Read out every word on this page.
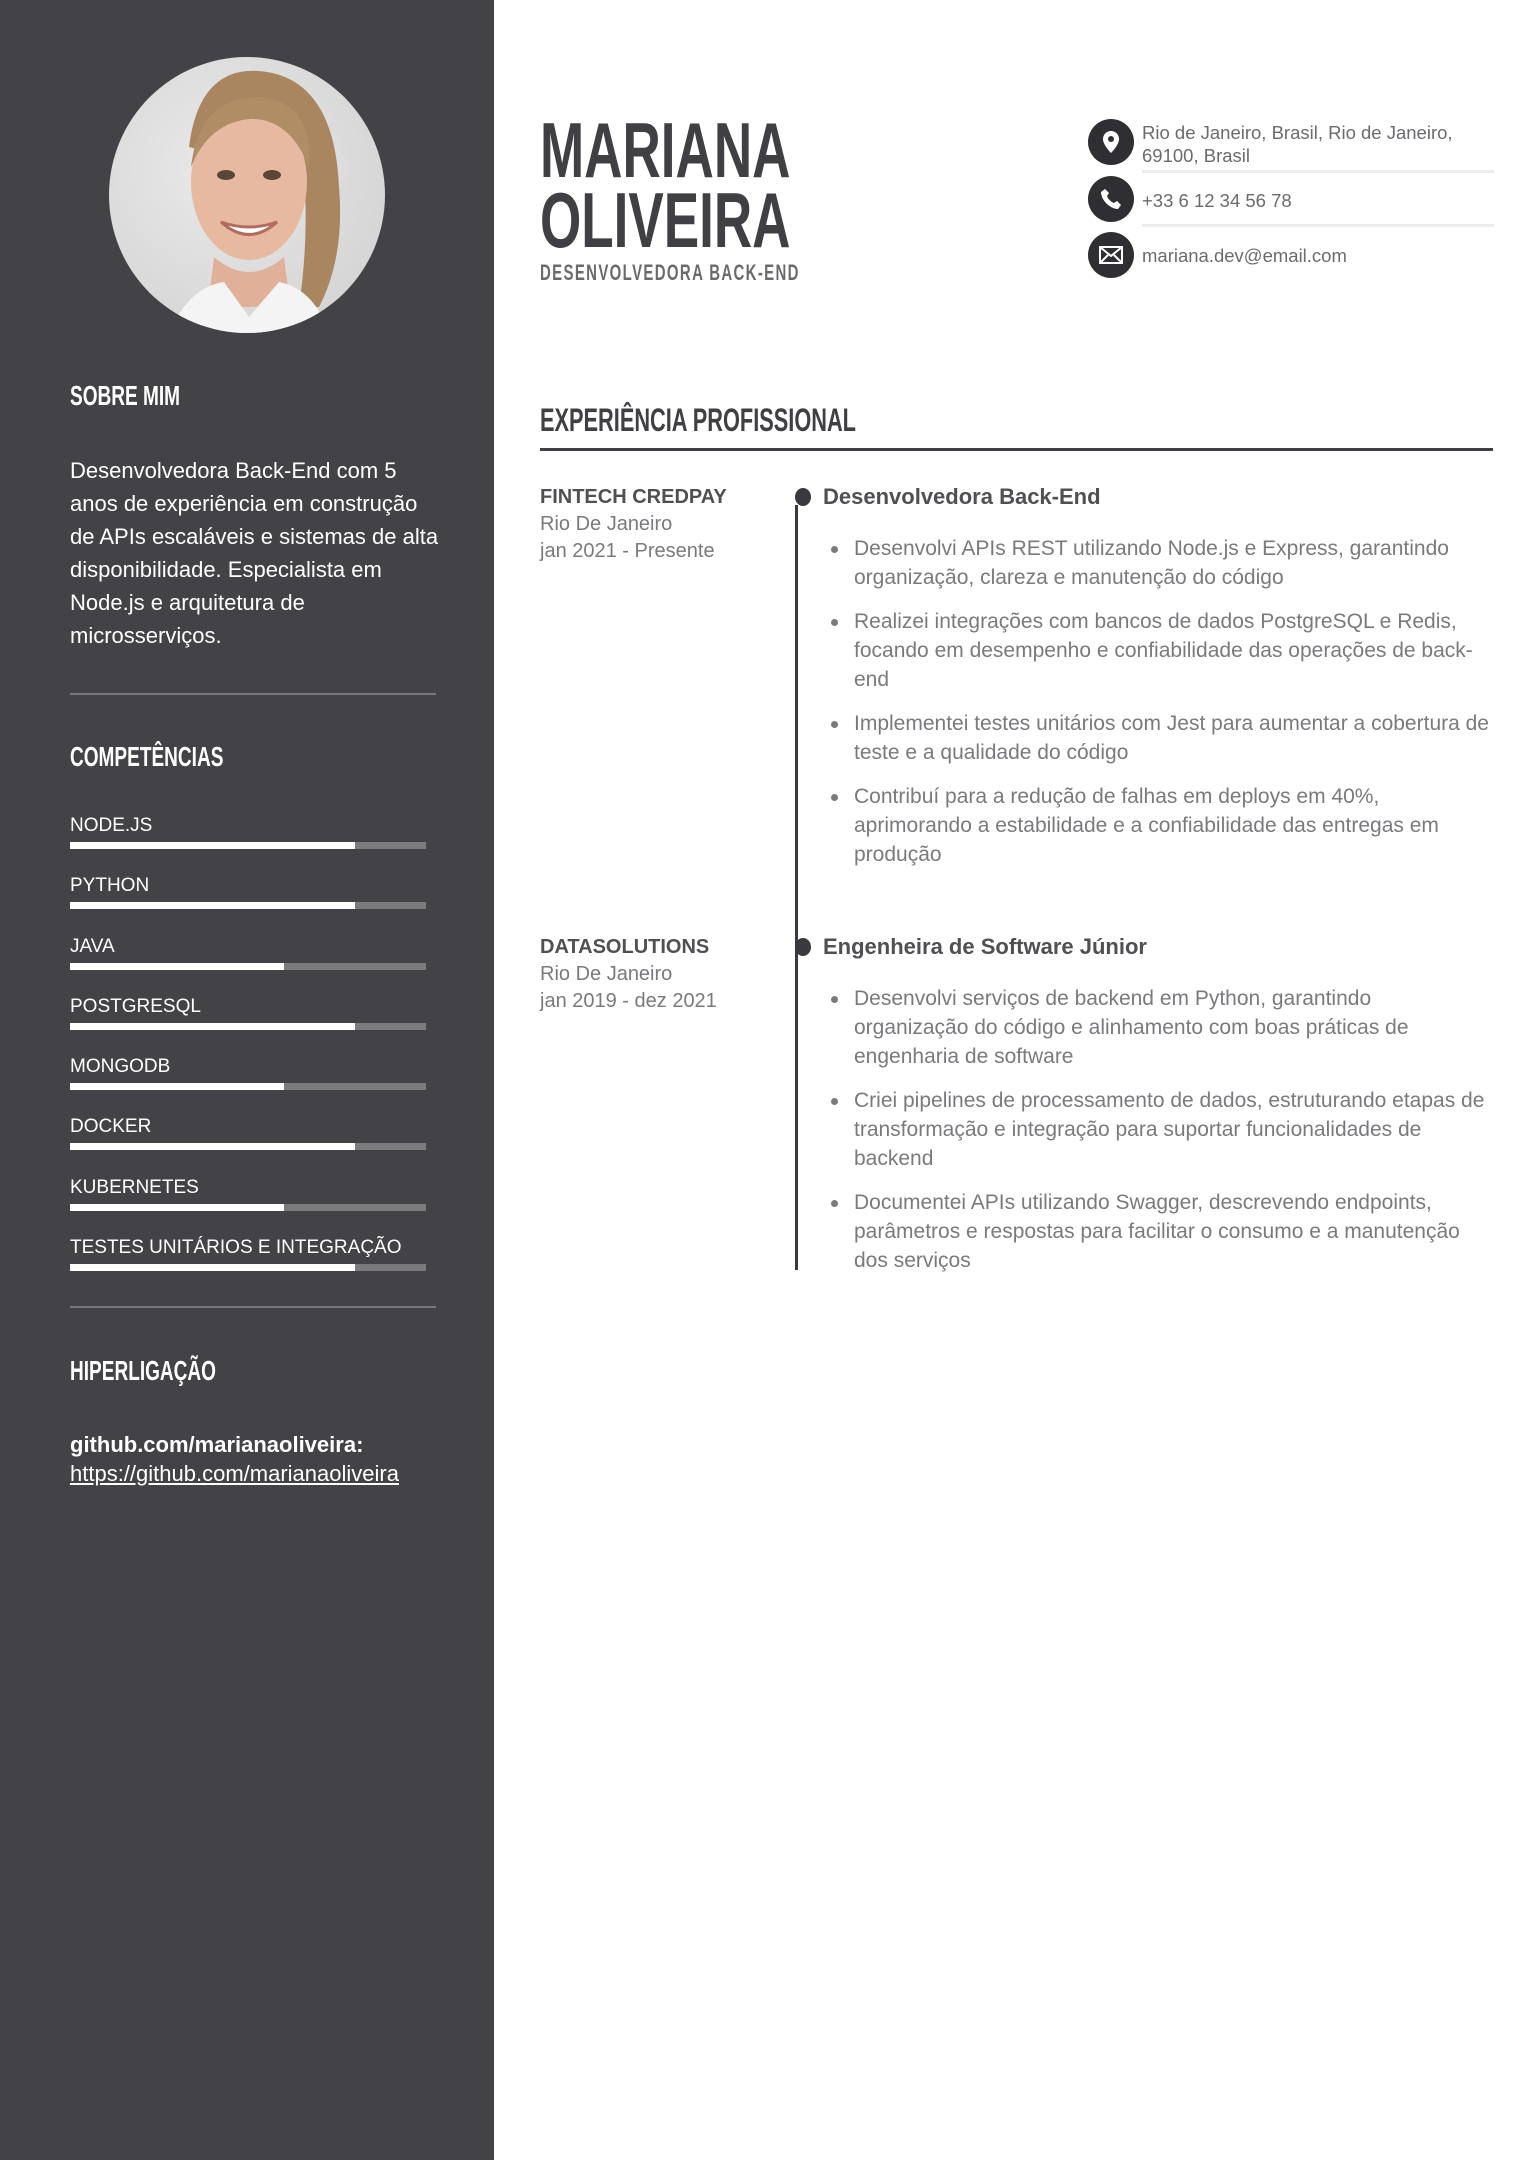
SOBRE MIM

Desenvolvedora Back-End com 5 anos de experiência em construção de APIs escaláveis e sistemas de alta disponibilidade. Especialista em Node.js e arquitetura de microsserviços.

COMPETÊNCIAS
NODE.JS
PYTHON
JAVA
POSTGRESQL
MONGODB
DOCKER
KUBERNETES
TESTES UNITÁRIOS E INTEGRAÇÃO
HIPERLIGAÇÃO
github.com/marianaoliveira:
https://github.com/marianaoliveira
MARIANA
OLIVEIRA
DESENVOLVEDORA BACK-END
Rio de Janeiro, Brasil, Rio de Janeiro, 69100, Brasil
+33 6 12 34 56 78
mariana.dev@email.com
EXPERIÊNCIA PROFISSIONAL
FINTECH CREDPAY
Rio De Janeiro
jan 2021 - Presente
Desenvolvedora Back-End
Desenvolvi APIs REST utilizando Node.js e Express, garantindo organização, clareza e manutenção do código
Realizei integrações com bancos de dados PostgreSQL e Redis, focando em desempenho e confiabilidade das operações de back-end
Implementei testes unitários com Jest para aumentar a cobertura de teste e a qualidade do código
Contribuí para a redução de falhas em deploys em 40%, aprimorando a estabilidade e a confiabilidade das entregas em produção
DATASOLUTIONS
Rio De Janeiro
jan 2019 - dez 2021
Engenheira de Software Júnior
Desenvolvi serviços de backend em Python, garantindo organização do código e alinhamento com boas práticas de engenharia de software
Criei pipelines de processamento de dados, estruturando etapas de transformação e integração para suportar funcionalidades de backend
Documentei APIs utilizando Swagger, descrevendo endpoints, parâmetros e respostas para facilitar o consumo e a manutenção dos serviços
